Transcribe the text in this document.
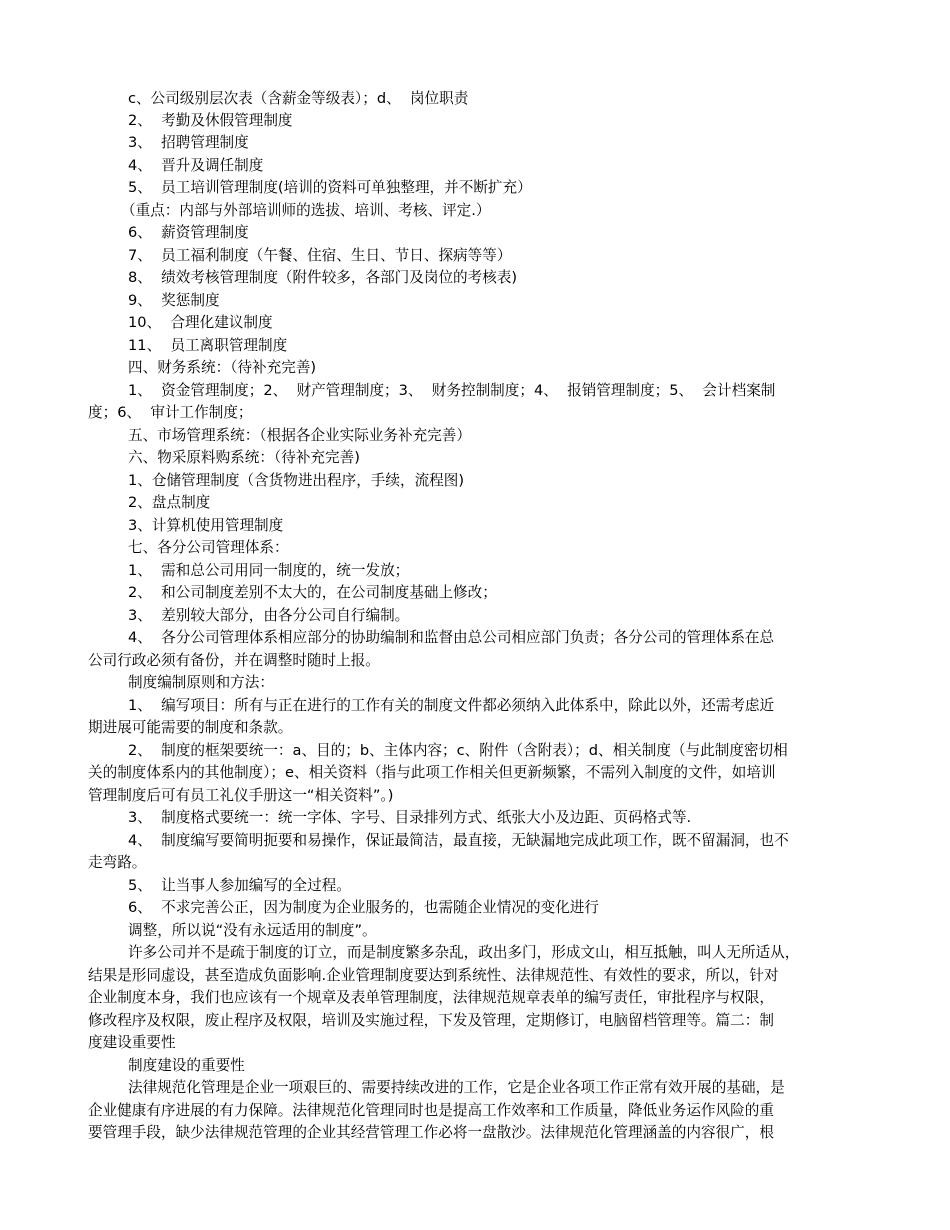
c、公司级别层次表（含薪金等级表）；d、  岗位职责
2、  考勤及休假管理制度
3、  招聘管理制度
4、  晋升及调任制度
5、  员工培训管理制度(培训的资料可单独整理，并不断扩充）
（重点：内部与外部培训师的选拔、培训、考核、评定.）
6、  薪资管理制度
7、  员工福利制度（午餐、住宿、生日、节日、探病等等）
8、  绩效考核管理制度（附件较多，各部门及岗位的考核表)
9、  奖惩制度
10、  合理化建议制度
11、  员工离职管理制度
四、财务系统：（待补充完善)
1、  资金管理制度；2、  财产管理制度；3、  财务控制制度；4、  报销管理制度；5、  会计档案制
度；6、  审计工作制度；
五、市场管理系统：（根据各企业实际业务补充完善）
六、物采原料购系统：（待补充完善)
1、仓储管理制度（含货物进出程序，手续，流程图)
2、盘点制度
3、计算机使用管理制度
七、各分公司管理体系：
1、  需和总公司用同一制度的，统一发放；
2、  和公司制度差别不太大的，在公司制度基础上修改；
3、  差别较大部分，由各分公司自行编制。
4、  各分公司管理体系相应部分的协助编制和监督由总公司相应部门负责；各分公司的管理体系在总
公司行政必须有备份，并在调整时随时上报。
制度编制原则和方法：
1、  编写项目：所有与正在进行的工作有关的制度文件都必须纳入此体系中，除此以外，还需考虑近
期进展可能需要的制度和条款。
2、  制度的框架要统一：a、目的；b、主体内容；c、附件（含附表）；d、相关制度（与此制度密切相
关的制度体系内的其他制度）；e、相关资料（指与此项工作相关但更新频繁，不需列入制度的文件，如培训
管理制度后可有员工礼仪手册这一“相关资料”。)
3、  制度格式要统一：统一字体、字号、目录排列方式、纸张大小及边距、页码格式等.
4、  制度编写要简明扼要和易操作，保证最简洁，最直接，无缺漏地完成此项工作，既不留漏洞，也不
走弯路。
5、  让当事人参加编写的全过程。
6、  不求完善公正，因为制度为企业服务的，也需随企业情况的变化进行
调整，所以说“没有永远适用的制度”。
许多公司并不是疏于制度的订立，而是制度繁多杂乱，政出多门，形成文山，相互抵触，叫人无所适从，
结果是形同虚设，甚至造成负面影响.企业管理制度要达到系统性、法律规范性、有效性的要求，所以，针对
企业制度本身，我们也应该有一个规章及表单管理制度，法律规范规章表单的编写责任，审批程序与权限，
修改程序及权限，废止程序及权限，培训及实施过程，下发及管理，定期修订，电脑留档管理等。篇二：制
度建设重要性
制度建设的重要性
法律规范化管理是企业一项艰巨的、需要持续改进的工作，它是企业各项工作正常有效开展的基础，是
企业健康有序进展的有力保障。法律规范化管理同时也是提高工作效率和工作质量，降低业务运作风险的重
要管理手段，缺少法律规范管理的企业其经营管理工作必将一盘散沙。法律规范化管理涵盖的内容很广，根
